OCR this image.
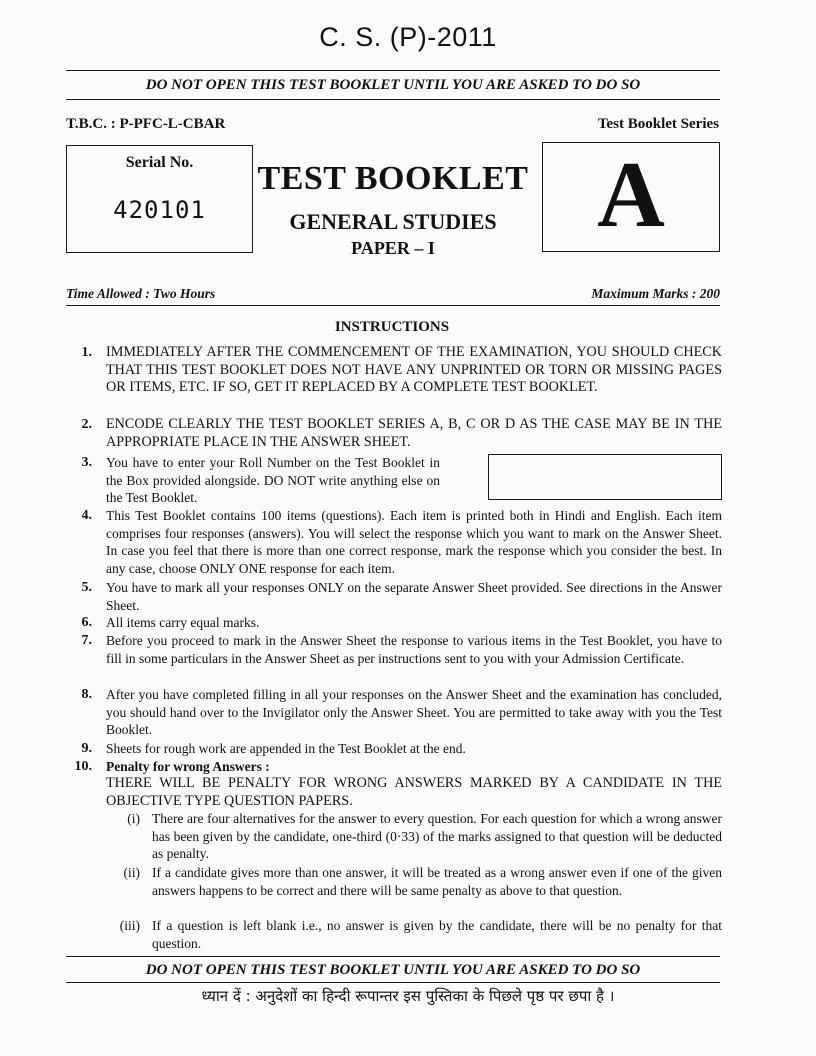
C. S. (P)-2011
DO NOT OPEN THIS TEST BOOKLET UNTIL YOU ARE ASKED TO DO SO
T.B.C. : P-PFC-L-CBAR	Test Booklet Series
Serial No.
420101
TEST BOOKLET
GENERAL STUDIES
PAPER – I
A
Time Allowed : Two Hours	Maximum Marks : 200
INSTRUCTIONS
1. IMMEDIATELY AFTER THE COMMENCEMENT OF THE EXAMINATION, YOU SHOULD CHECK THAT THIS TEST BOOKLET DOES NOT HAVE ANY UNPRINTED OR TORN OR MISSING PAGES OR ITEMS, ETC. IF SO, GET IT REPLACED BY A COMPLETE TEST BOOKLET.
2. ENCODE CLEARLY THE TEST BOOKLET SERIES A, B, C OR D AS THE CASE MAY BE IN THE APPROPRIATE PLACE IN THE ANSWER SHEET.
3. You have to enter your Roll Number on the Test Booklet in the Box provided alongside. DO NOT write anything else on the Test Booklet.
4. This Test Booklet contains 100 items (questions). Each item is printed both in Hindi and English. Each item comprises four responses (answers). You will select the response which you want to mark on the Answer Sheet. In case you feel that there is more than one correct response, mark the response which you consider the best. In any case, choose ONLY ONE response for each item.
5. You have to mark all your responses ONLY on the separate Answer Sheet provided. See directions in the Answer Sheet.
6. All items carry equal marks.
7. Before you proceed to mark in the Answer Sheet the response to various items in the Test Booklet, you have to fill in some particulars in the Answer Sheet as per instructions sent to you with your Admission Certificate.
8. After you have completed filling in all your responses on the Answer Sheet and the examination has concluded, you should hand over to the Invigilator only the Answer Sheet. You are permitted to take away with you the Test Booklet.
9. Sheets for rough work are appended in the Test Booklet at the end.
10. Penalty for wrong Answers :
THERE WILL BE PENALTY FOR WRONG ANSWERS MARKED BY A CANDIDATE IN THE OBJECTIVE TYPE QUESTION PAPERS.
(i) There are four alternatives for the answer to every question. For each question for which a wrong answer has been given by the candidate, one-third (0·33) of the marks assigned to that question will be deducted as penalty.
(ii) If a candidate gives more than one answer, it will be treated as a wrong answer even if one of the given answers happens to be correct and there will be same penalty as above to that question.
(iii) If a question is left blank i.e., no answer is given by the candidate, there will be no penalty for that question.
DO NOT OPEN THIS TEST BOOKLET UNTIL YOU ARE ASKED TO DO SO
ध्यान दें : अनुदेशों का हिन्दी रूपान्तर इस पुस्तिका के पिछले पृष्ठ पर छपा है ।
